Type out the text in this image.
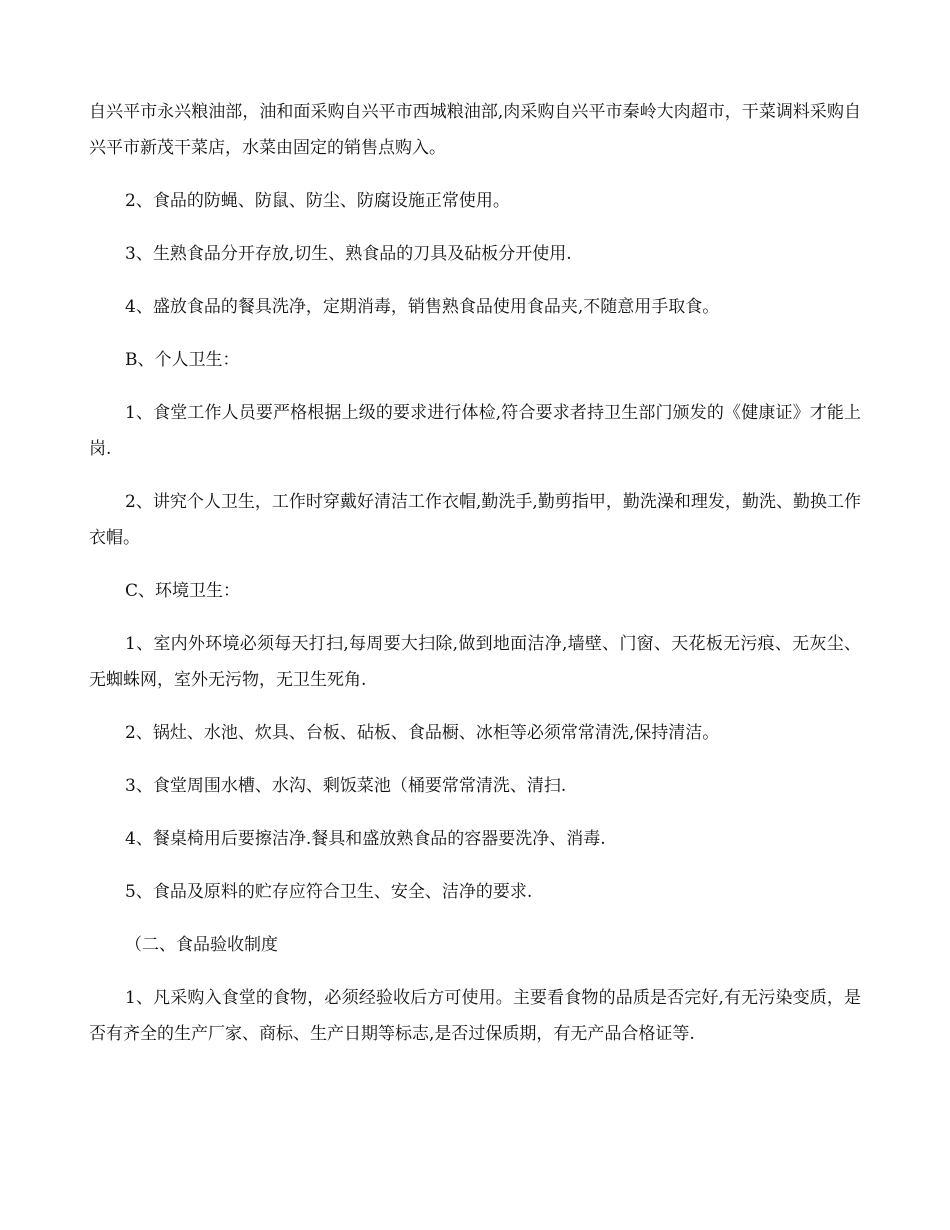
自兴平市永兴粮油部，油和面采购自兴平市西城粮油部,肉采购自兴平市秦岭大肉超市，干菜调料采购自兴平市新茂干菜店，水菜由固定的销售点购入。

2、食品的防蝇、防鼠、防尘、防腐设施正常使用。

3、生熟食品分开存放,切生、熟食品的刀具及砧板分开使用.

4、盛放食品的餐具洗净，定期消毒，销售熟食品使用食品夹,不随意用手取食。

B、个人卫生：

1、食堂工作人员要严格根据上级的要求进行体检,符合要求者持卫生部门颁发的《健康证》才能上岗.

2、讲究个人卫生，工作时穿戴好清洁工作衣帽,勤洗手,勤剪指甲，勤洗澡和理发，勤洗、勤换工作衣帽。

C、环境卫生：

1、室内外环境必须每天打扫,每周要大扫除,做到地面洁净,墙壁、门窗、天花板无污痕、无灰尘、无蜘蛛网，室外无污物，无卫生死角.

2、锅灶、水池、炊具、台板、砧板、食品橱、冰柜等必须常常清洗,保持清洁。

3、食堂周围水槽、水沟、剩饭菜池（桶要常常清洗、清扫.

4、餐桌椅用后要擦洁净.餐具和盛放熟食品的容器要洗净、消毒.

5、食品及原料的贮存应符合卫生、安全、洁净的要求.

（二、食品验收制度

1、凡采购入食堂的食物，必须经验收后方可使用。主要看食物的品质是否完好,有无污染变质，是否有齐全的生产厂家、商标、生产日期等标志,是否过保质期，有无产品合格证等.
